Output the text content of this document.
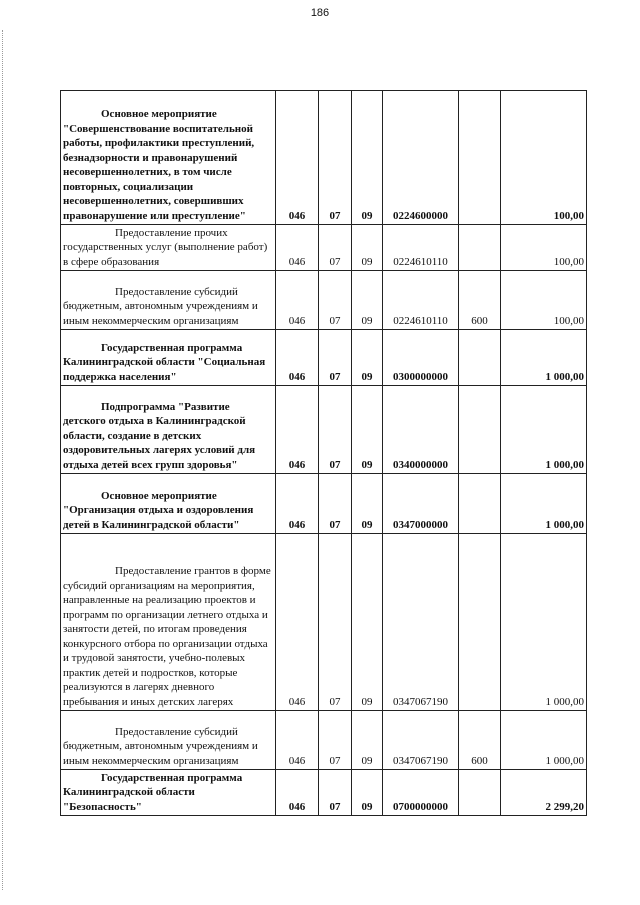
186
Основное мероприятие "Совершенствование воспитательной работы, профилактики преступлений, безнадзорности и правонарушений несовершеннолетних, в том числе повторных, социализации несовершеннолетних, совершивших правонарушение или преступление"	046	07	09	0224600000		100,00
Предоставление прочих государственных услуг (выполнение работ) в сфере образования	046	07	09	0224610110		100,00
Предоставление субсидий бюджетным, автономным учреждениям и иным некоммерческим организациям	046	07	09	0224610110	600	100,00
Государственная программа Калининградской области "Социальная поддержка населения"	046	07	09	0300000000		1 000,00
Подпрограмма "Развитие детского отдыха в Калининградской области, создание в детских оздоровительных лагерях условий для отдыха детей всех групп здоровья"	046	07	09	0340000000		1 000,00
Основное мероприятие "Организация отдыха и оздоровления детей в Калининградской области"	046	07	09	0347000000		1 000,00
Предоставление грантов в форме субсидий организациям на мероприятия, направленные на реализацию проектов и программ по организации летнего отдыха и занятости детей, по итогам проведения конкурсного отбора по организации отдыха и трудовой занятости, учебно-полевых практик детей и подростков, которые реализуются в лагерях дневного пребывания и иных детских лагерях	046	07	09	0347067190		1 000,00
Предоставление субсидий бюджетным, автономным учреждениям и иным некоммерческим организациям	046	07	09	0347067190	600	1 000,00
Государственная программа Калининградской области "Безопасность"	046	07	09	0700000000		2 299,20
